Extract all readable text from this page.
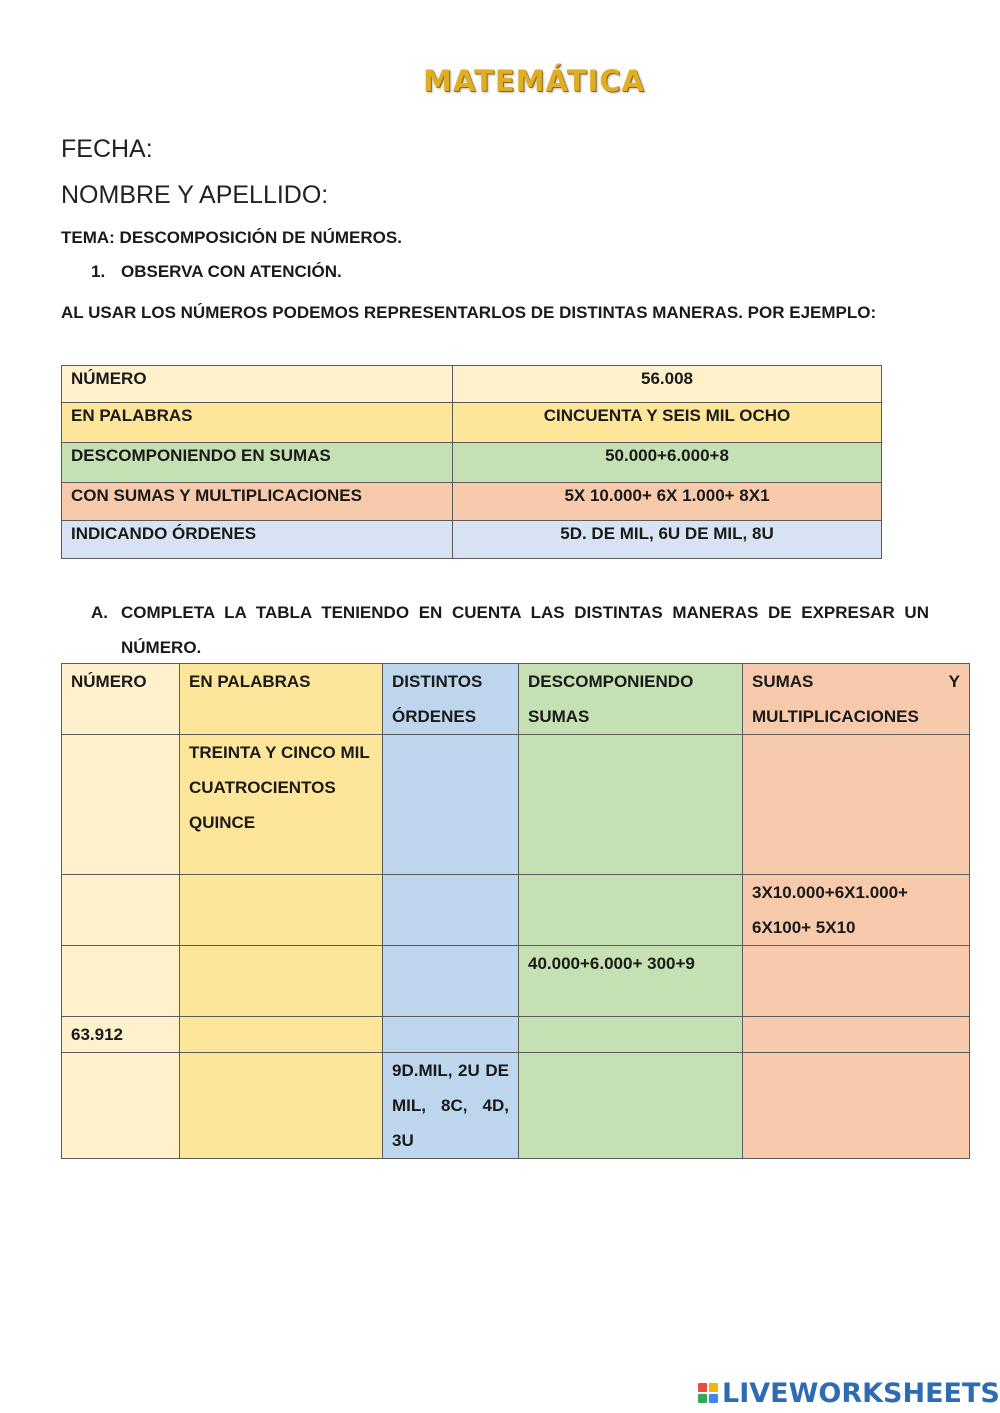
MATEMÁTICA
FECHA:
NOMBRE Y APELLIDO:
TEMA: DESCOMPOSICIÓN DE NÚMEROS.
1. OBSERVA CON ATENCIÓN.
AL USAR LOS NÚMEROS PODEMOS REPRESENTARLOS DE DISTINTAS MANERAS. POR EJEMPLO:
NÚMERO	56.008
EN PALABRAS	CINCUENTA Y SEIS MIL OCHO
DESCOMPONIENDO EN SUMAS	50.000+6.000+8
CON SUMAS Y MULTIPLICACIONES	5X 10.000+ 6X 1.000+ 8X1
INDICANDO ÓRDENES	5D. DE MIL, 6U DE MIL, 8U
A. COMPLETA LA TABLA TENIENDO EN CUENTA LAS DISTINTAS MANERAS DE EXPRESAR UN NÚMERO.
NÚMERO	EN PALABRAS	DISTINTOS ÓRDENES	DESCOMPONIENDO SUMAS	SUMAS Y MULTIPLICACIONES
	TREINTA Y CINCO MIL CUATROCIENTOS QUINCE			
				3X10.000+6X1.000+ 6X100+ 5X10
			40.000+6.000+ 300+9	
63.912				
		9D.MIL, 2U DE MIL, 8C, 4D, 3U		
LIVEWORKSHEETS
